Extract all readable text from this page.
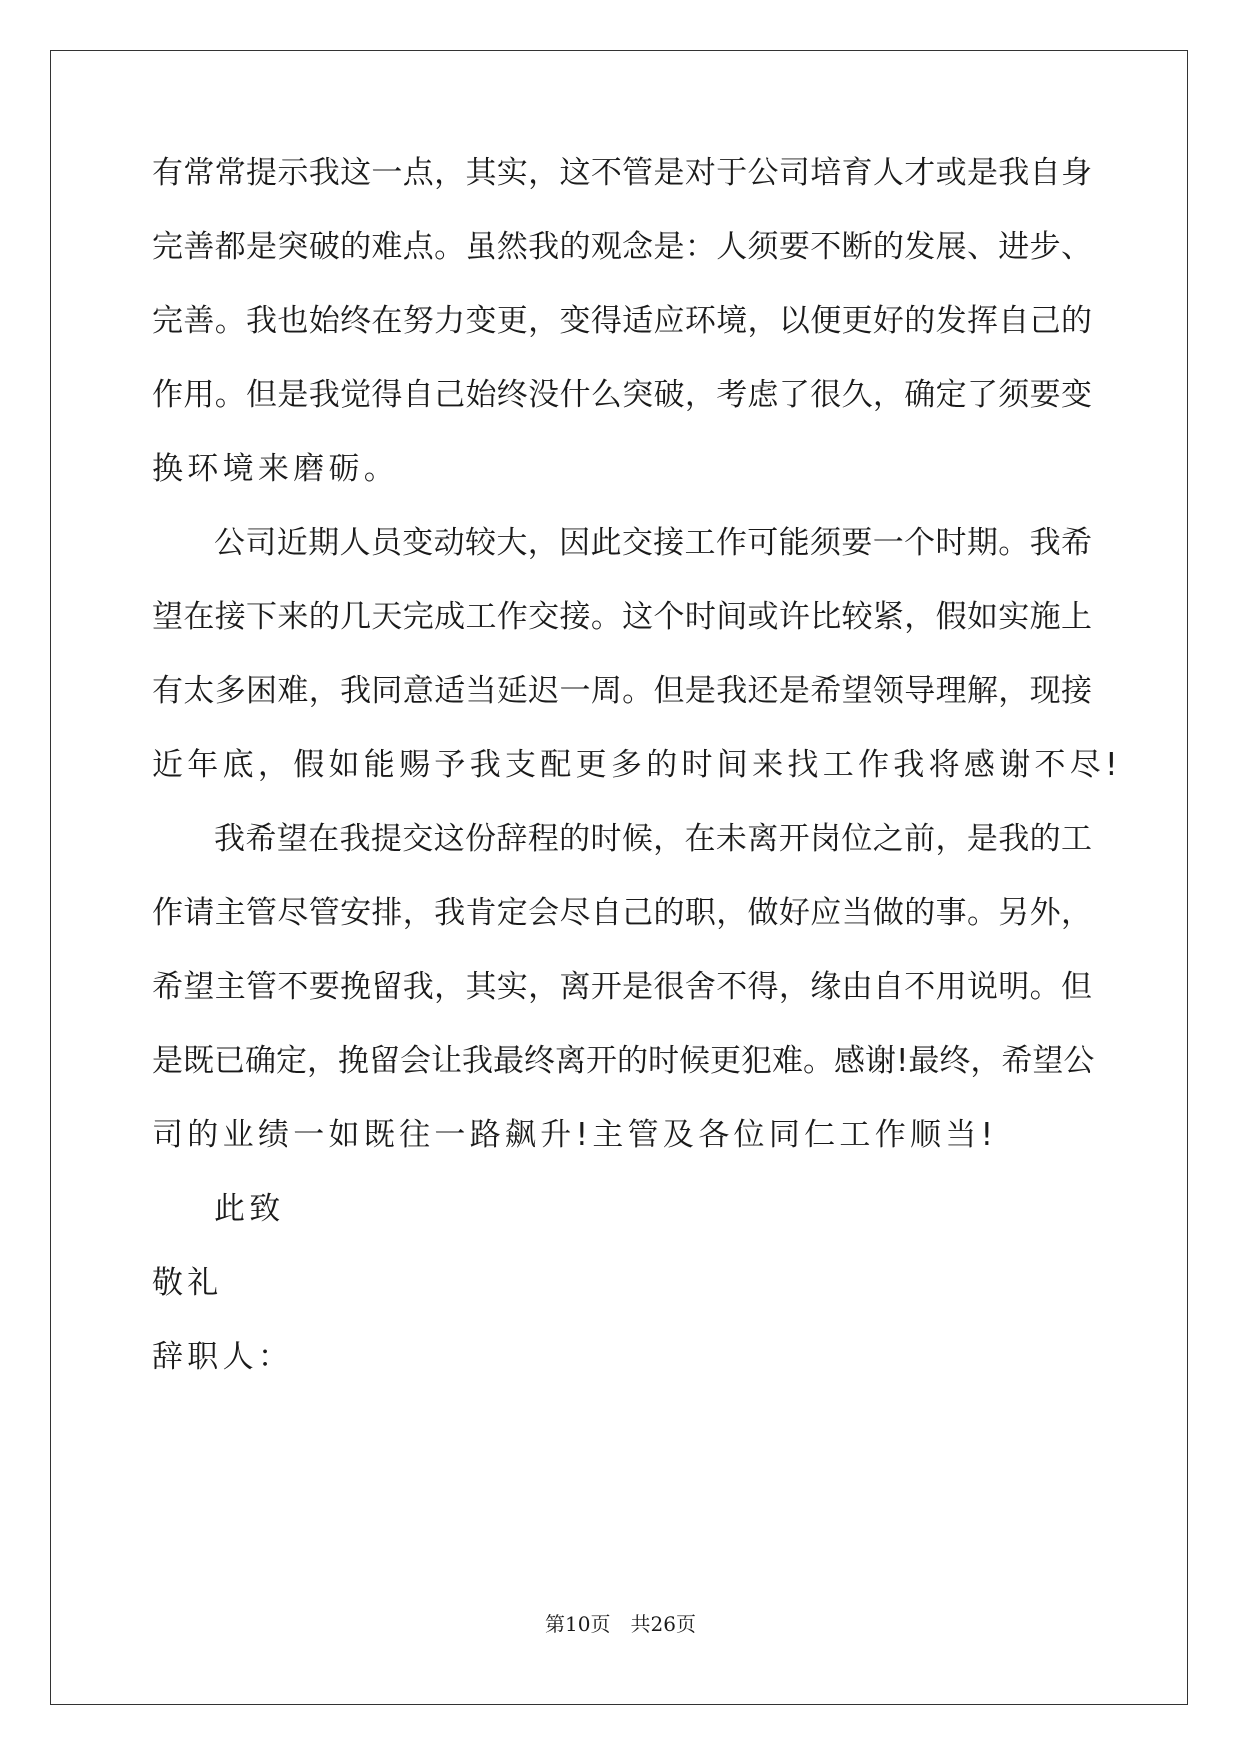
有常常提示我这一点，其实，这不管是对于公司培育人才或是我自身
完善都是突破的难点。虽然我的观念是：人须要不断的发展、进步、
完善。我也始终在努力变更，变得适应环境，以便更好的发挥自己的
作用。但是我觉得自己始终没什么突破，考虑了很久，确定了须要变
换环境来磨砺。
公司近期人员变动较大，因此交接工作可能须要一个时期。我希
望在接下来的几天完成工作交接。这个时间或许比较紧，假如实施上
有太多困难，我同意适当延迟一周。但是我还是希望领导理解，现接
近年底，假如能赐予我支配更多的时间来找工作我将感谢不尽!
我希望在我提交这份辞程的时候，在未离开岗位之前，是我的工
作请主管尽管安排，我肯定会尽自己的职，做好应当做的事。另外，
希望主管不要挽留我，其实，离开是很舍不得，缘由自不用说明。但
是既已确定，挽留会让我最终离开的时候更犯难。感谢!最终，希望公
司的业绩一如既往一路飙升!主管及各位同仁工作顺当!
此致
敬礼
辞职人：
第10页 共26页
